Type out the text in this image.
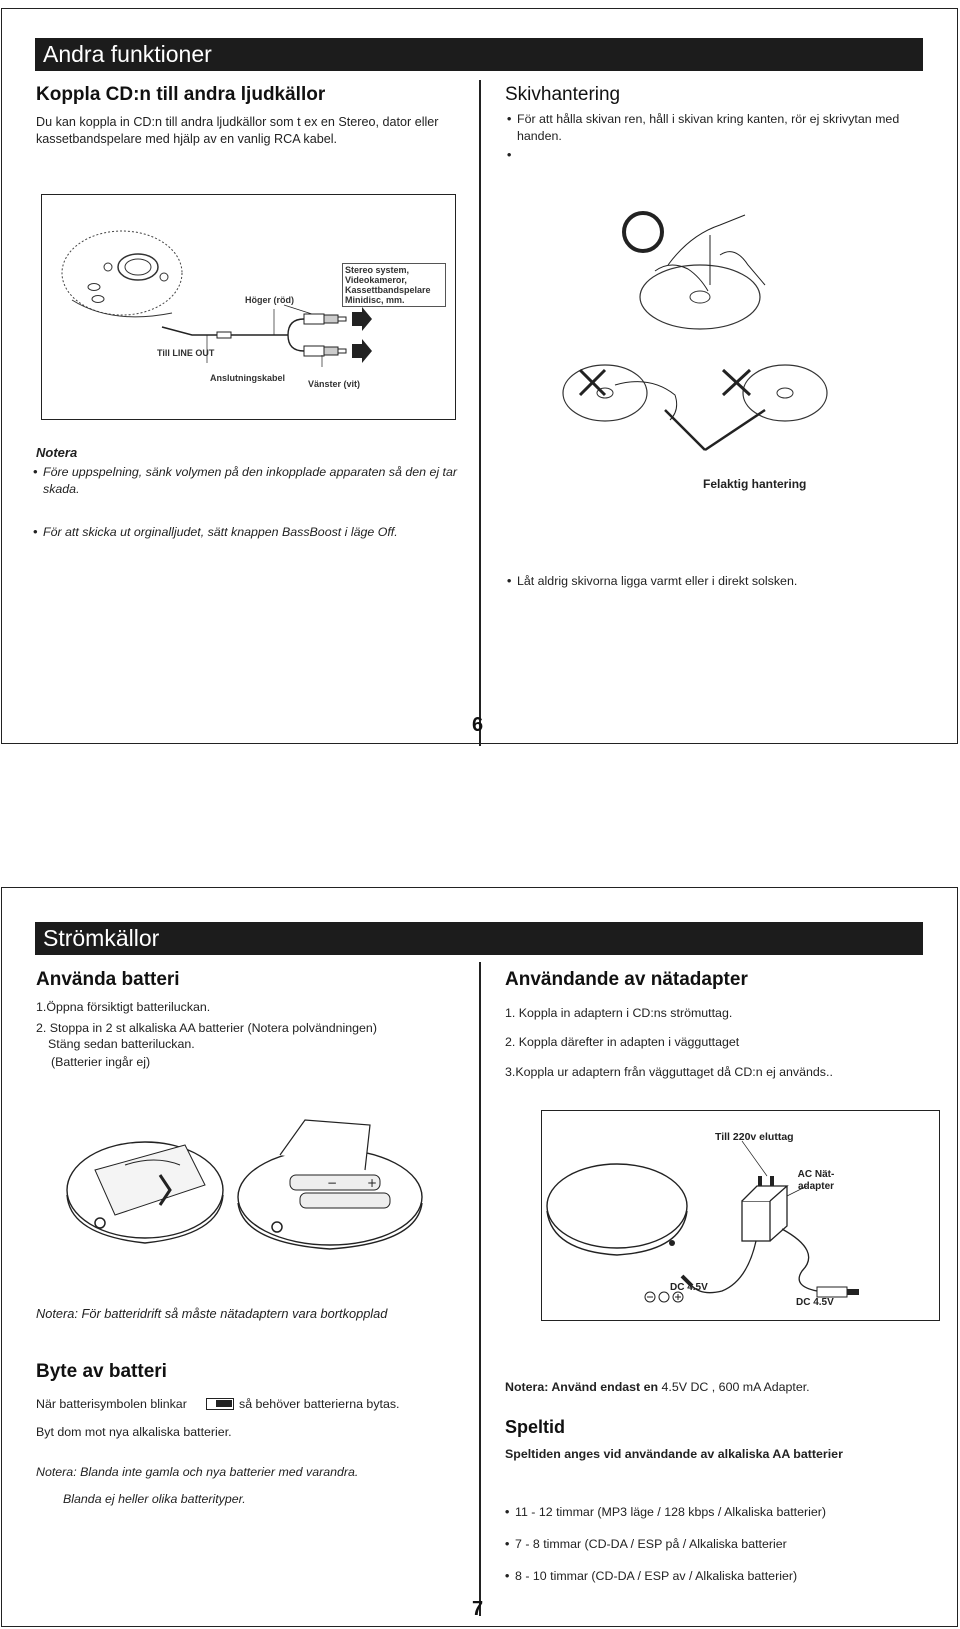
Andra funktioner
Koppla CD:n till andra ljudkällor
Du kan koppla in CD:n till andra ljudkällor som t ex en Stereo, dator eller kassetbandspelare med hjälp av en vanlig RCA kabel.
Höger (röd)
Stereo system, Videokameror, Kassettbandspelare Minidisc, mm.
Till LINE OUT
Anslutningskabel
Vänster (vit)
Notera
• Före uppspelning, sänk volymen på den inkopplade apparaten så den ej tar skada.
• För att skicka ut orginalljudet, sätt knappen BassBoost i läge Off.
Skivhantering
• För att hålla skivan ren, håll i skivan kring kanten, rör ej skrivytan med handen.
•
Felaktig hantering
• Låt aldrig skivorna ligga varmt eller i direkt solsken.
6
Strömkällor
Använda batteri
1.Öppna försiktigt batteriluckan.
2. Stoppa in 2 st alkaliska AA batterier (Notera polvändningen)
Stäng sedan batteriluckan.
(Batterier ingår ej)
− +
Notera: För batteridrift så måste nätadaptern vara bortkopplad
Användande av nätadapter
1. Koppla in adaptern i CD:ns strömuttag.
2. Koppla därefter in adapten i vägguttaget
3.Koppla ur adaptern från vägguttaget då CD:n ej används..
Till 220v eluttag
AC Nät-adapter
DC 4.5V
DC 4.5V
Byte av batteri
När batterisymbolen blinkar	så behöver batterierna bytas.
Byt dom mot nya alkaliska batterier.
Notera: Blanda inte gamla och nya batterier med varandra.
Blanda ej heller olika batterityper.
Notera: Använd endast en 4.5V DC , 600 mA Adapter.
Speltid
Speltiden anges vid användande av alkaliska AA batterier
• 11 - 12 timmar (MP3 läge / 128 kbps / Alkaliska batterier)
• 7 - 8 timmar (CD-DA / ESP på / Alkaliska batterier
• 8 - 10 timmar (CD-DA / ESP av / Alkaliska batterier)
7
